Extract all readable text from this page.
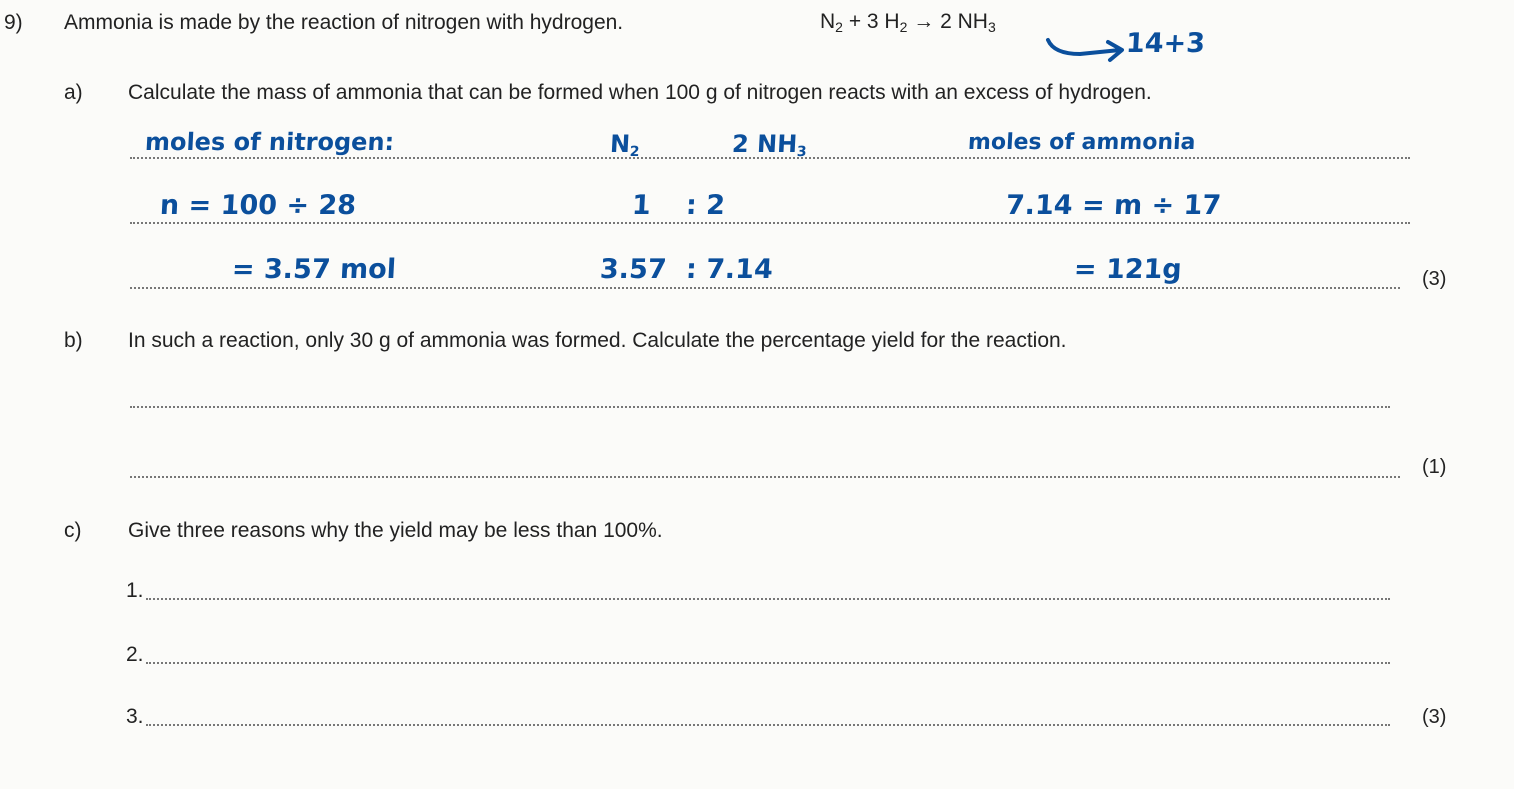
9) Ammonia is made by the reaction of nitrogen with hydrogen.	$N_2 + 3$ $H_2 \to 2$ $NH_3$
14+3
a) Calculate the mass of ammonia that can be formed when 100 g of nitrogen reacts with an excess of hydrogen.
(3)
moles of nitrogen:	$N_2$	2 $NH_3$	moles of ammonia
n = 100 ÷ 28	1 : 2	7.14 = m ÷ 17
= 3.57 mol	3.57 : 7.14	= 121g
b) In such a reaction, only 30 g of ammonia was formed. Calculate the percentage yield for the reaction.
(1)
c) Give three reasons why the yield may be less than 100%.
1.
2.
3.	(3)
